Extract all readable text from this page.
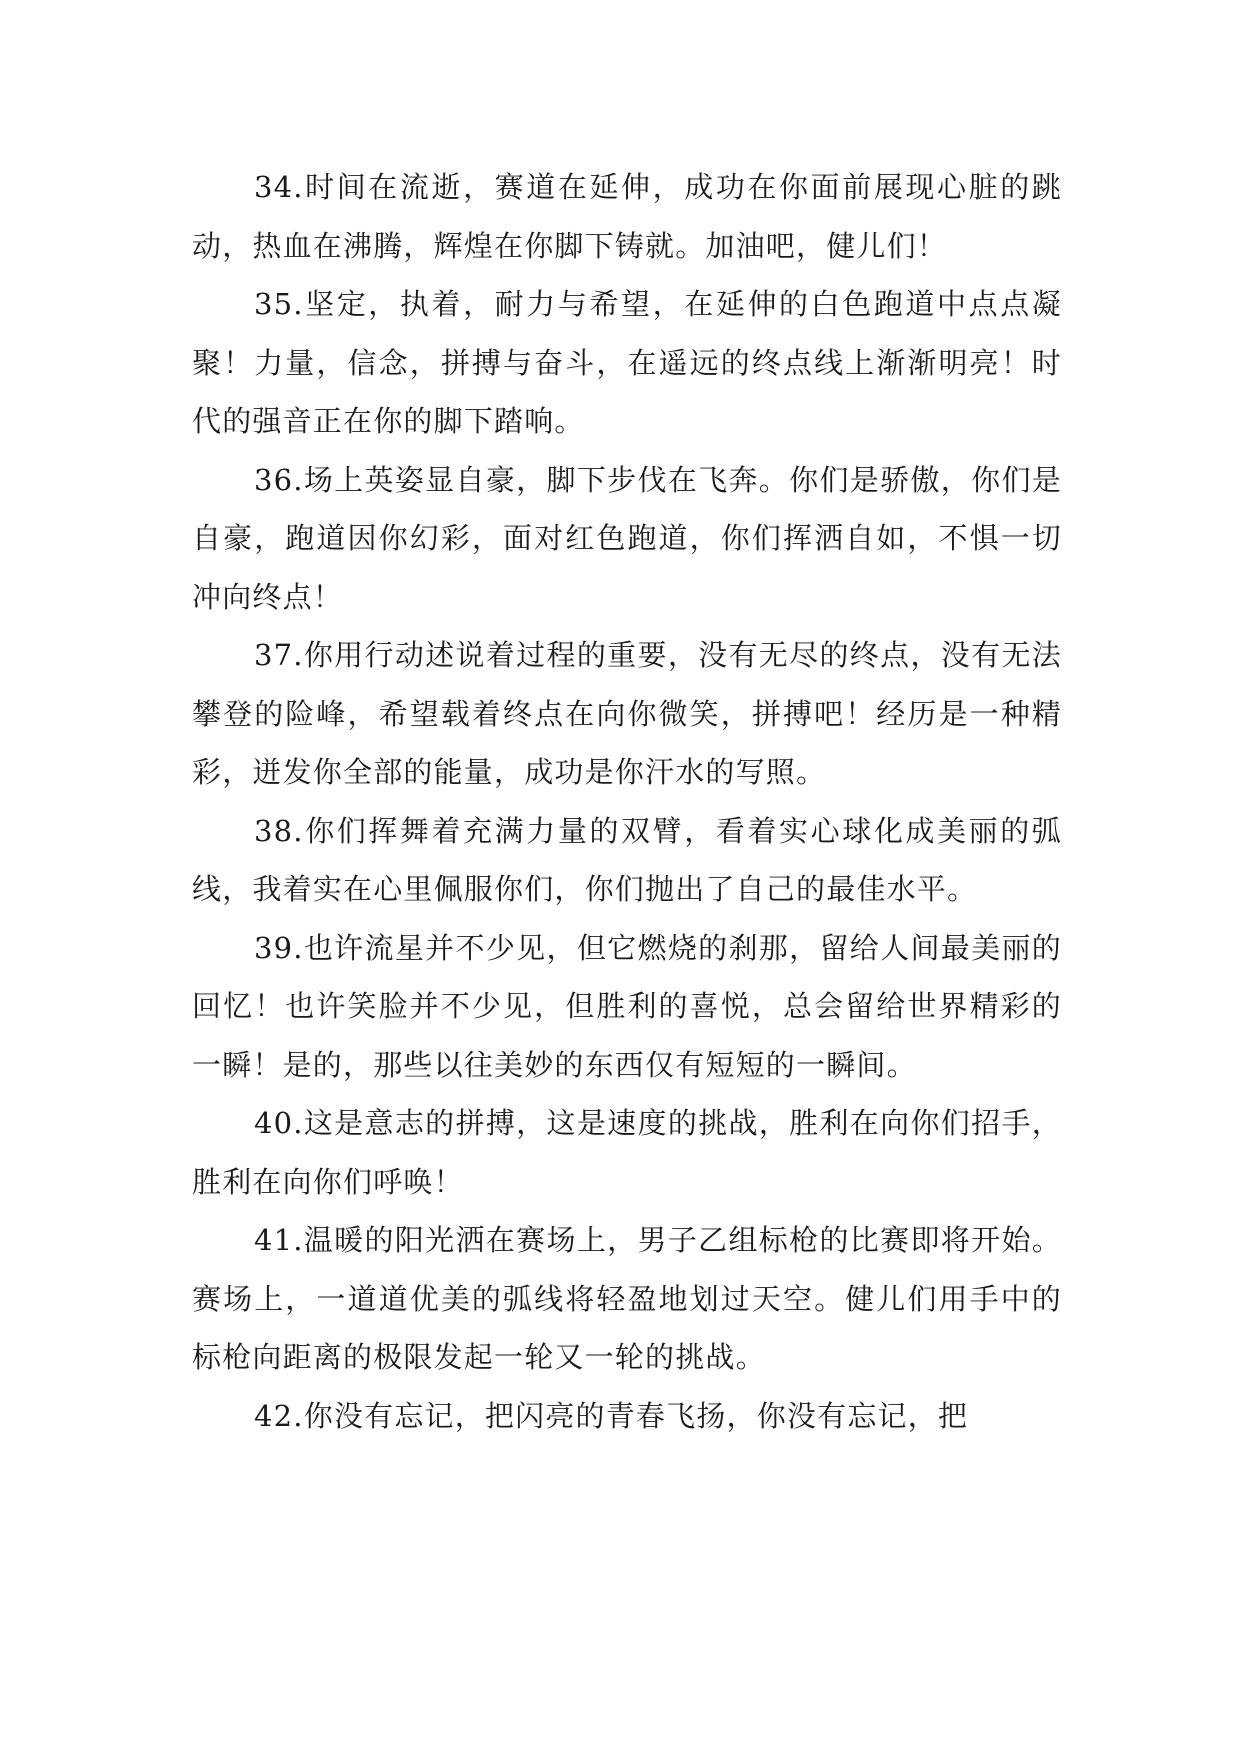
34.时间在流逝，赛道在延伸，成功在你面前展现心脏的跳动，热血在沸腾，辉煌在你脚下铸就。加油吧，健儿们！

35.坚定，执着，耐力与希望，在延伸的白色跑道中点点凝聚！力量，信念，拼搏与奋斗，在遥远的终点线上渐渐明亮！时代的强音正在你的脚下踏响。

36.场上英姿显自豪，脚下步伐在飞奔。你们是骄傲，你们是自豪，跑道因你幻彩，面对红色跑道，你们挥洒自如，不惧一切冲向终点！

37.你用行动述说着过程的重要，没有无尽的终点，没有无法攀登的险峰，希望载着终点在向你微笑，拼搏吧！经历是一种精彩，迸发你全部的能量，成功是你汗水的写照。

38.你们挥舞着充满力量的双臂，看着实心球化成美丽的弧线，我着实在心里佩服你们，你们抛出了自己的最佳水平。

39.也许流星并不少见，但它燃烧的刹那，留给人间最美丽的回忆！也许笑脸并不少见，但胜利的喜悦，总会留给世界精彩的一瞬！是的，那些以往美妙的东西仅有短短的一瞬间。

40.这是意志的拼搏，这是速度的挑战，胜利在向你们招手，胜利在向你们呼唤！

41.温暖的阳光洒在赛场上，男子乙组标枪的比赛即将开始。赛场上，一道道优美的弧线将轻盈地划过天空。健儿们用手中的标枪向距离的极限发起一轮又一轮的挑战。

42.你没有忘记，把闪亮的青春飞扬，你没有忘记，把
